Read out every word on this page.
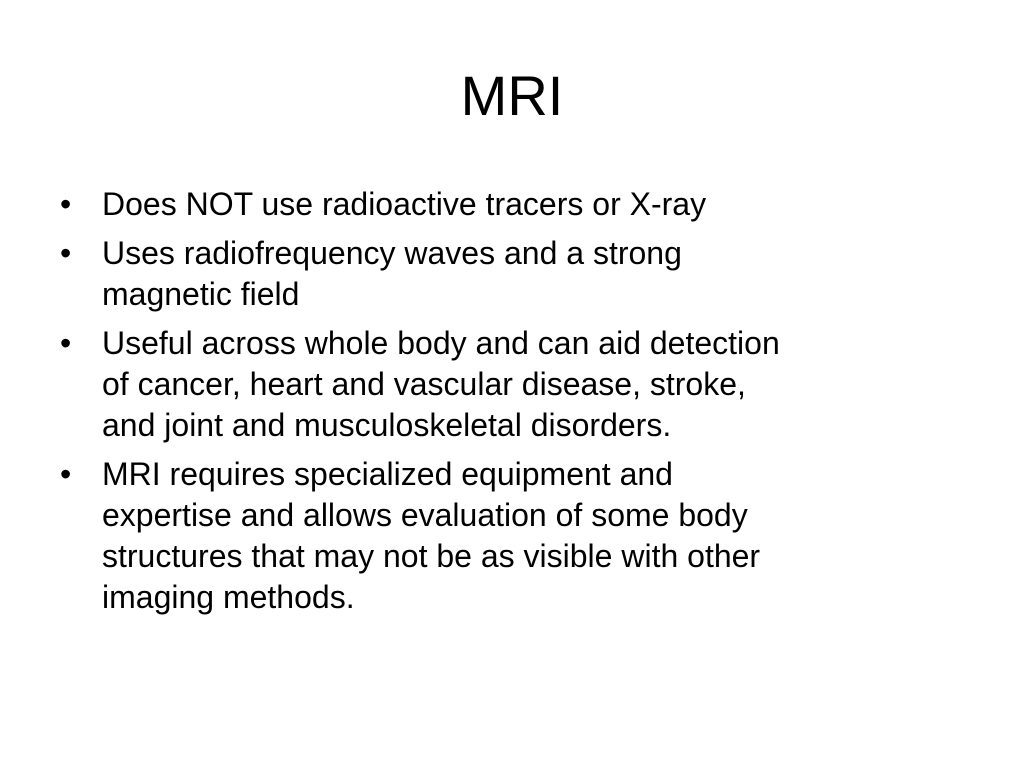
MRI
• Does NOT use radioactive tracers or X-ray
• Uses radiofrequency waves and a strong
magnetic field
• Useful across whole body and can aid detection
of cancer, heart and vascular disease, stroke,
and joint and musculoskeletal disorders.
• MRI requires specialized equipment and
expertise and allows evaluation of some body
structures that may not be as visible with other
imaging methods.
